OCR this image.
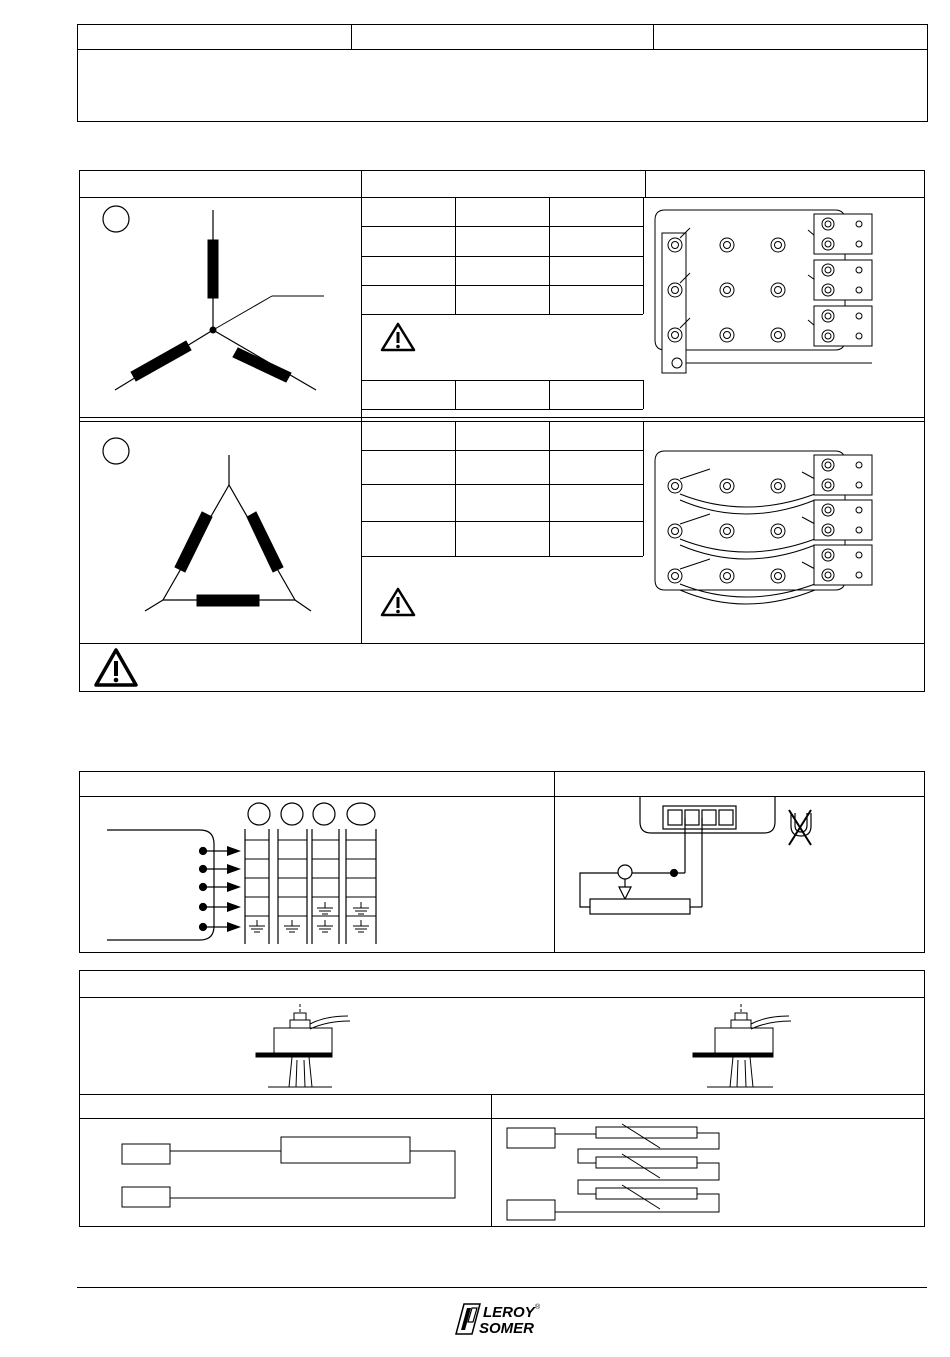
LEROY
SOMER
®
